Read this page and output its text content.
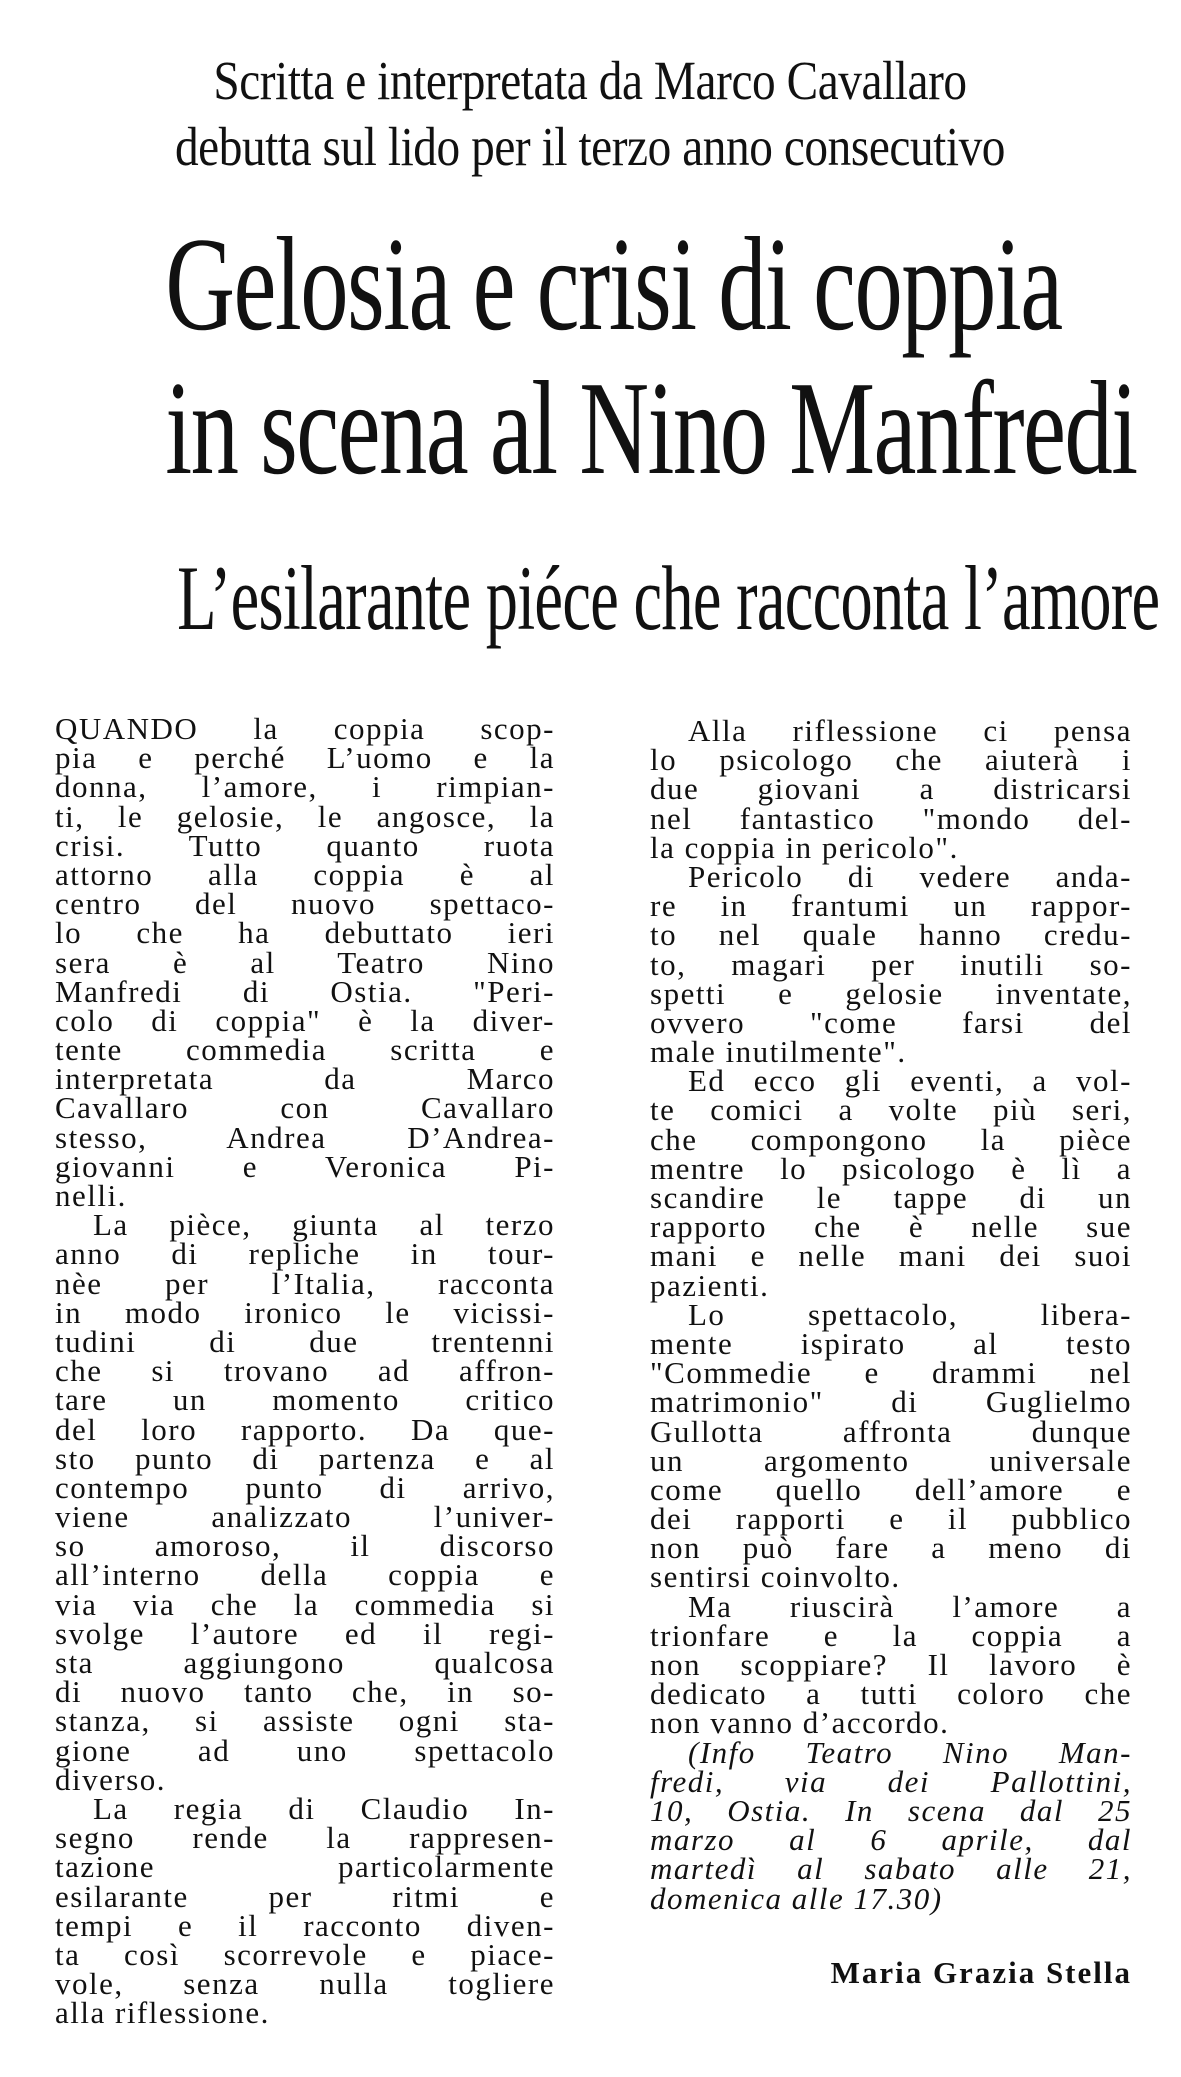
Scritta e interpretata da Marco Cavallaro
debutta sul lido per il terzo anno consecutivo
Gelosia e crisi di coppia
in scena al Nino Manfredi
L’esilarante piéce che racconta l’amore
QUANDO la coppia scop-
pia e perché L’uomo e la
donna, l’amore, i rimpian-
ti, le gelosie, le angosce, la
crisi. Tutto quanto ruota
attorno alla coppia è al
centro del nuovo spettaco-
lo che ha debuttato ieri
sera è al Teatro Nino
Manfredi di Ostia. "Peri-
colo di coppia" è la diver-
tente commedia scritta e
interpretata da Marco
Cavallaro con Cavallaro
stesso, Andrea D’Andrea-
giovanni e Veronica Pi-
nelli.
La pièce, giunta al terzo
anno di repliche in tour-
nèe per l’Italia, racconta
in modo ironico le vicissi-
tudini di due trentenni
che si trovano ad affron-
tare un momento critico
del loro rapporto. Da que-
sto punto di partenza e al
contempo punto di arrivo,
viene analizzato l’univer-
so amoroso, il discorso
all’interno della coppia e
via via che la commedia si
svolge l’autore ed il regi-
sta aggiungono qualcosa
di nuovo tanto che, in so-
stanza, si assiste ogni sta-
gione ad uno spettacolo
diverso.
La regia di Claudio In-
segno rende la rappresen-
tazione particolarmente
esilarante per ritmi e
tempi e il racconto diven-
ta così scorrevole e piace-
vole, senza nulla togliere
alla riflessione.
Alla riflessione ci pensa
lo psicologo che aiuterà i
due giovani a districarsi
nel fantastico "mondo del-
la coppia in pericolo".
Pericolo di vedere anda-
re in frantumi un rappor-
to nel quale hanno credu-
to, magari per inutili so-
spetti e gelosie inventate,
ovvero "come farsi del
male inutilmente".
Ed ecco gli eventi, a vol-
te comici a volte più seri,
che compongono la pièce
mentre lo psicologo è lì a
scandire le tappe di un
rapporto che è nelle sue
mani e nelle mani dei suoi
pazienti.
Lo spettacolo, libera-
mente ispirato al testo
"Commedie e drammi nel
matrimonio" di Guglielmo
Gullotta affronta dunque
un argomento universale
come quello dell’amore e
dei rapporti e il pubblico
non può fare a meno di
sentirsi coinvolto.
Ma riuscirà l’amore a
trionfare e la coppia a
non scoppiare? Il lavoro è
dedicato a tutti coloro che
non vanno d’accordo.
(Info Teatro Nino Man-
fredi, via dei Pallottini,
10, Ostia. In scena dal 25
marzo al 6 aprile, dal
martedì al sabato alle 21,
domenica alle 17.30)
Maria Grazia Stella
